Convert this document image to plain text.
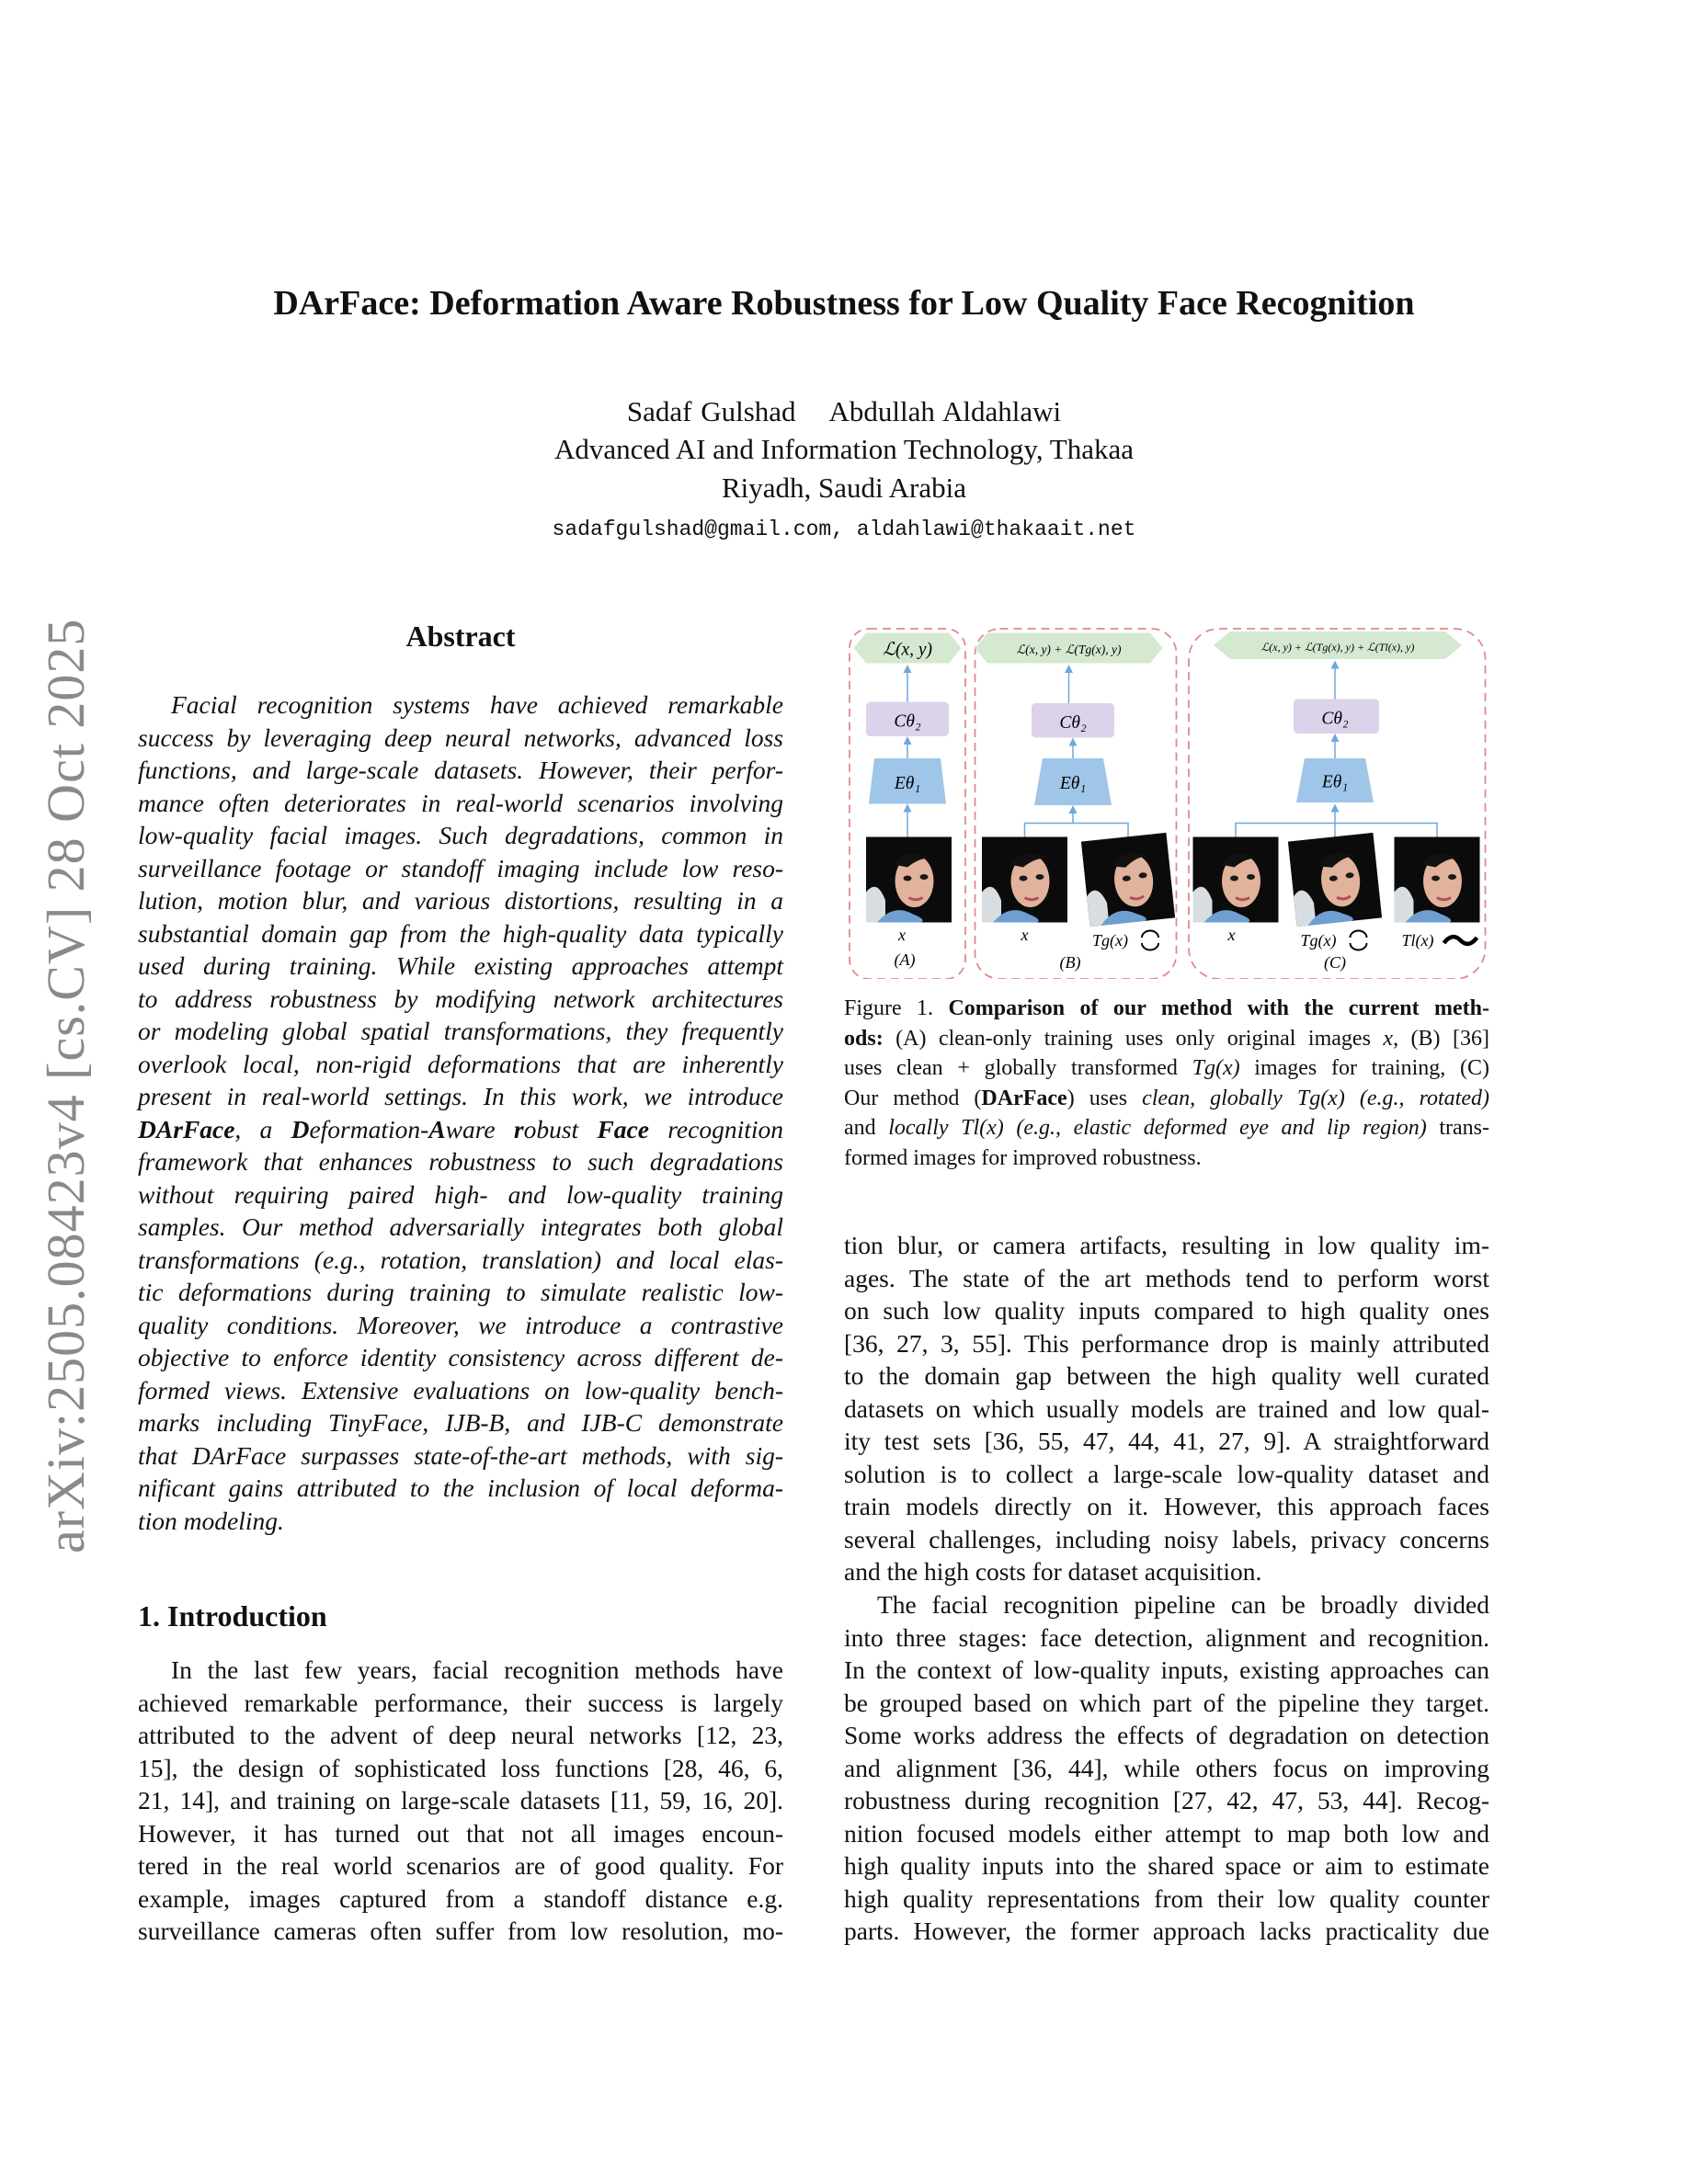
DArFace: Deformation Aware Robustness for Low Quality Face Recognition
Sadaf Gulshad Abdullah Aldahlawi
Advanced AI and Information Technology, Thakaa
Riyadh, Saudi Arabia
sadafgulshad@gmail.com, aldahlawi@thakaait.net
arXiv:2505.08423v4 [cs.CV] 28 Oct 2025	Abstract
Facial recognition systems have achieved remarkable
success by leveraging deep neural networks, advanced loss
functions, and large-scale datasets. However, their perfor-
mance often deteriorates in real-world scenarios involving
low-quality facial images. Such degradations, common in
surveillance footage or standoff imaging include low reso-
lution, motion blur, and various distortions, resulting in a
substantial domain gap from the high-quality data typically
used during training. While existing approaches attempt
to address robustness by modifying network architectures
or modeling global spatial transformations, they frequently
overlook local, non-rigid deformations that are inherently
present in real-world settings. In this work, we introduce
DArFace, a Deformation-Aware robust Face recognition
framework that enhances robustness to such degradations
without requiring paired high- and low-quality training
samples. Our method adversarially integrates both global
transformations (e.g., rotation, translation) and local elas-
tic deformations during training to simulate realistic low-
quality conditions. Moreover, we introduce a contrastive
objective to enforce identity consistency across different de-
formed views. Extensive evaluations on low-quality bench-
marks including TinyFace, IJB-B, and IJB-C demonstrate
that DArFace surpasses state-of-the-art methods, with sig-
nificant gains attributed to the inclusion of local deforma-
tion modeling.
1. Introduction
In the last few years, facial recognition methods have
achieved remarkable performance, their success is largely
attributed to the advent of deep neural networks [12, 23,
15], the design of sophisticated loss functions [28, 46, 6,
21, 14], and training on large-scale datasets [11, 59, 16, 20].
However, it has turned out that not all images encoun-
tered in the real world scenarios are of good quality. For
example, images captured from a standoff distance e.g.
surveillance cameras often suffer from low resolution, mo-
ℒ(x, y)
Cθ₂
Eθ₁
x
(A)
ℒ(x, y) + ℒ(Tg(x), y)
Cθ₂
Eθ₁
x	Tg(x)
(B)
ℒ(x, y) + ℒ(Tg(x), y) + ℒ(Tl(x), y)
Cθ₂
Eθ₁
x	Tg(x)	Tl(x)
(C)
Figure 1. Comparison of our method with the current meth-
ods: (A) clean-only training uses only original images x, (B) [36]
uses clean + globally transformed Tg(x) images for training, (C)
Our method (DArFace) uses clean, globally Tg(x) (e.g., rotated)
and locally Tl(x) (e.g., elastic deformed eye and lip region) trans-
formed images for improved robustness.
tion blur, or camera artifacts, resulting in low quality im-
ages. The state of the art methods tend to perform worst
on such low quality inputs compared to high quality ones
[36, 27, 3, 55]. This performance drop is mainly attributed
to the domain gap between the high quality well curated
datasets on which usually models are trained and low qual-
ity test sets [36, 55, 47, 44, 41, 27, 9]. A straightforward
solution is to collect a large-scale low-quality dataset and
train models directly on it. However, this approach faces
several challenges, including noisy labels, privacy concerns
and the high costs for dataset acquisition.
The facial recognition pipeline can be broadly divided
into three stages: face detection, alignment and recognition.
In the context of low-quality inputs, existing approaches can
be grouped based on which part of the pipeline they target.
Some works address the effects of degradation on detection
and alignment [36, 44], while others focus on improving
robustness during recognition [27, 42, 47, 53, 44]. Recog-
nition focused models either attempt to map both low and
high quality inputs into the shared space or aim to estimate
high quality representations from their low quality counter
parts. However, the former approach lacks practicality due
